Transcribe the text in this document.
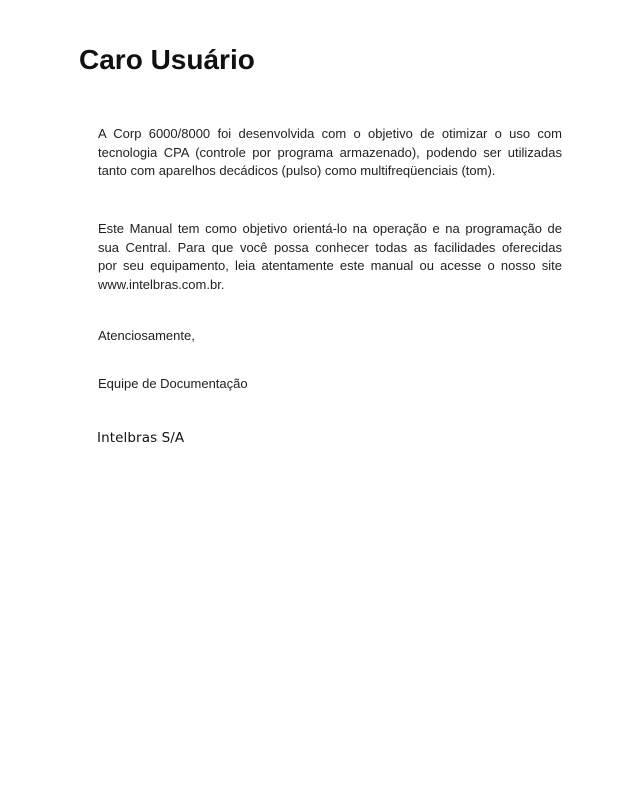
Caro Usuário

A Corp 6000/8000 foi desenvolvida com o objetivo de otimizar o uso com
tecnologia CPA (controle por programa armazenado), podendo ser utilizadas
tanto com aparelhos decádicos (pulso) como multifreqüenciais (tom).

Este Manual tem como objetivo orientá-lo na operação e na programação de
sua Central. Para que você possa conhecer todas as facilidades oferecidas
por seu equipamento, leia atentamente este manual ou acesse o nosso site
www.intelbras.com.br.

Atenciosamente,

Equipe de Documentação

Intelbras S/A
